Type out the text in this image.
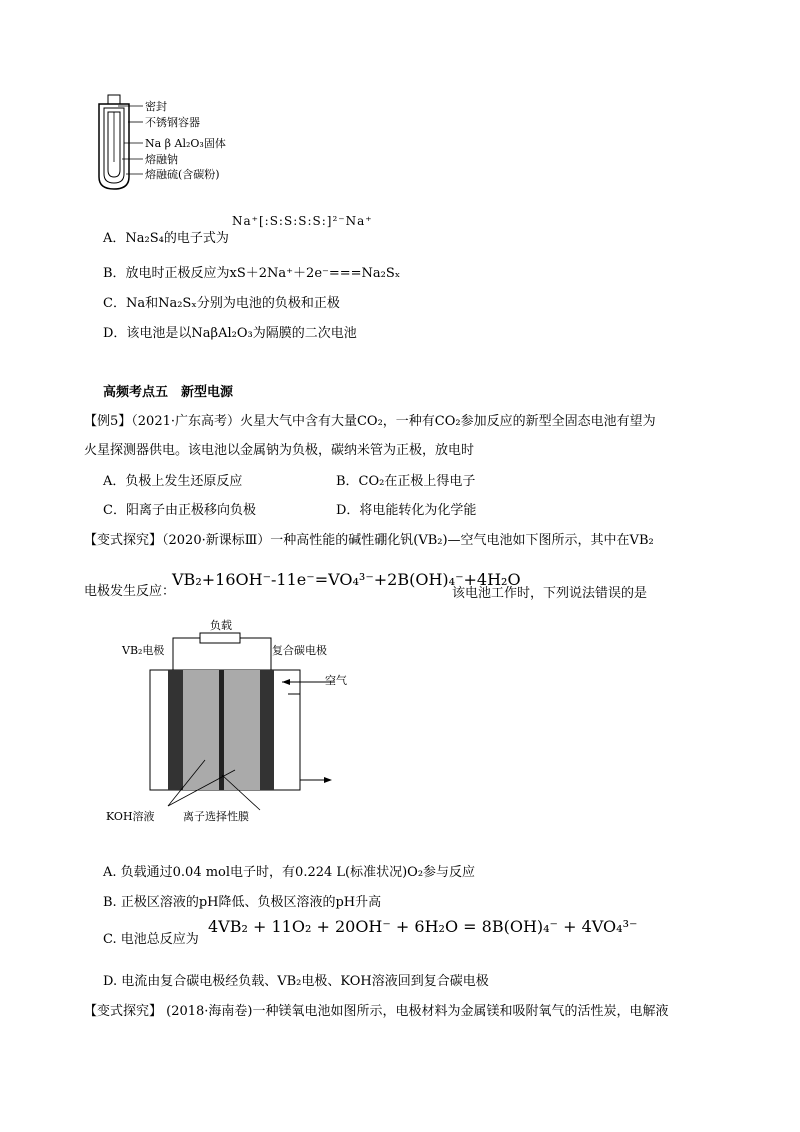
密封
不锈钢容器
Na β Al₂O₃固体
熔融钠
熔融硫(含碳粉)
A．Na₂S₄的电子式为
Na⁺[:S:S:S:S:]²⁻Na⁺
B．放电时正极反应为xS＋2Na⁺＋2e⁻===Na₂Sₓ
C．Na和Na₂Sₓ分别为电池的负极和正极
D．该电池是以NaβAl₂O₃为隔膜的二次电池
高频考点五　新型电源
【例5】（2021·广东高考）火星大气中含有大量CO₂，一种有CO₂参加反应的新型全固态电池有望为
火星探测器供电。该电池以金属钠为负极，碳纳米管为正极，放电时
A．负极上发生还原反应	B．CO₂在正极上得电子
C．阳离子由正极移向负极	D．将电能转化为化学能
【变式探究】（2020·新课标Ⅲ）一种高性能的碱性硼化钒(VB₂)—空气电池如下图所示，其中在VB₂
电极发生反应：
VB₂+16OH⁻-11e⁻=VO₄³⁻+2B(OH)₄⁻+4H₂O
该电池工作时，下列说法错误的是
负载
VB₂电极	复合碳电极
空气
KOH溶液	离子选择性膜
A. 负载通过0.04 mol电子时，有0.224 L(标准状况)O₂参与反应
B. 正极区溶液的pH降低、负极区溶液的pH升高
C. 电池总反应为
4VB₂ + 11O₂ + 20OH⁻ + 6H₂O = 8B(OH)₄⁻ + 4VO₄³⁻
D. 电流由复合碳电极经负载、VB₂电极、KOH溶液回到复合碳电极
【变式探究】 (2018·海南卷)一种镁氧电池如图所示，电极材料为金属镁和吸附氧气的活性炭，电解液
